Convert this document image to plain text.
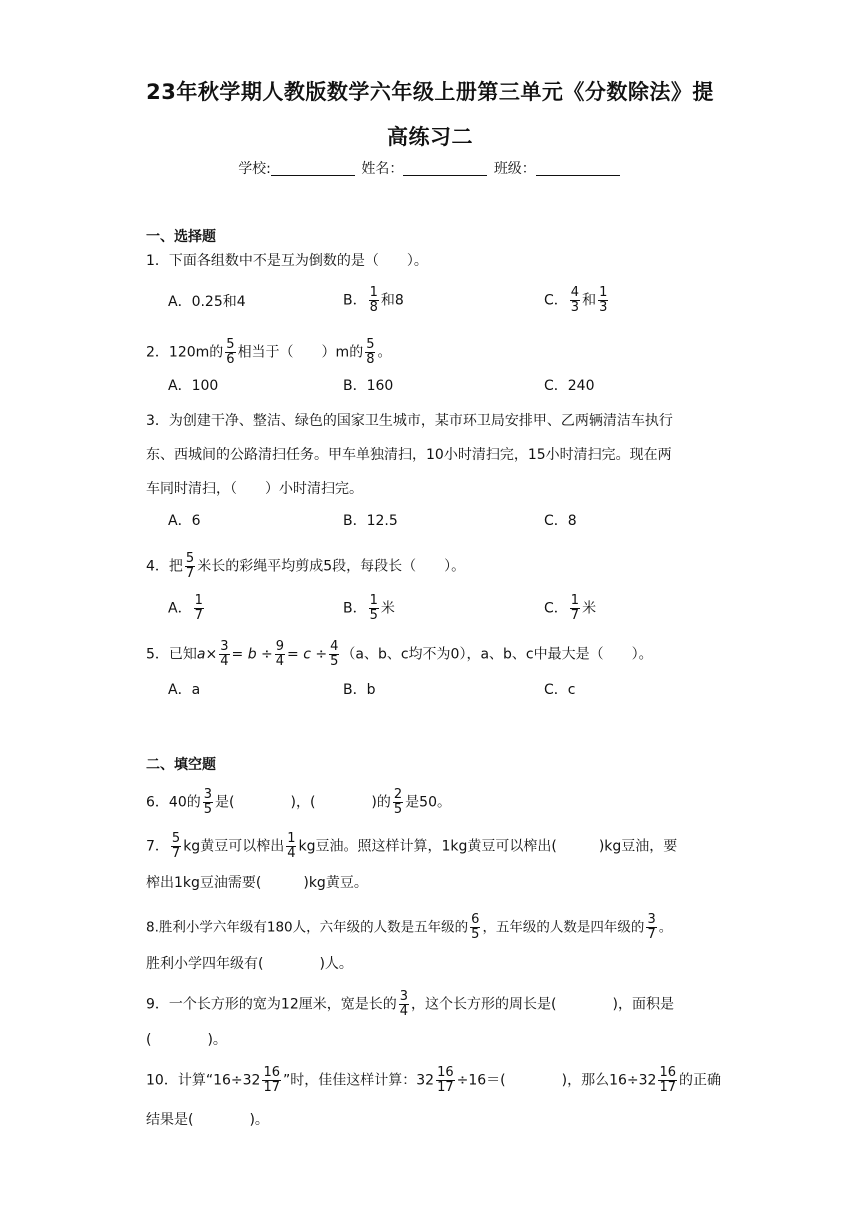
23年秋学期人教版数学六年级上册第三单元《分数除法》提
高练习二
学校:	姓名：	班级：
一、选择题
1．下面各组数中不是互为倒数的是（　　）。
A．0.25和4	B． $\frac{1}{8}$ 和8	C． $\frac{4}{3}$ 和 $\frac{1}{3}$
2．120m的 $\frac{5}{6}$ 相当于（　　）m的 $\frac{5}{8}$ 。
A．100	B．160	C．240
3．为创建干净、整洁、绿色的国家卫生城市，某市环卫局安排甲、乙两辆清洁车执行
东、西城间的公路清扫任务。甲车单独清扫，10小时清扫完，15小时清扫完。现在两
车同时清扫，（　　）小时清扫完。
A．6	B．12.5	C．8
4．把 $\frac{5}{7}$ 米长的彩绳平均剪成5段，每段长（　　）。
A． $\frac{1}{7}$	B． $\frac{1}{5}$ 米	C． $\frac{1}{7}$ 米
5．已知$a\times \frac{3}{4} = b \div \frac{9}{4} = c \div \frac{4}{5} (a$、b、c均不为0），a、b、c中最大是（　　）。
A．a	B．b	C．c
二、填空题
6．40的 $\frac{3}{5}$ 是(　　　　)，(　　　　)的 $\frac{2}{5}$ 是50。
7． $\frac{5}{7}$ kg黄豆可以榨出 $\frac{1}{4}$ kg豆油。照这样计算，1kg黄豆可以榨出(　　　)kg豆油，要
榨出1kg豆油需要(　　　)kg黄豆。
8.胜利小学六年级有180人，六年级的人数是五年级的 $\frac{6}{5}$ ，五年级的人数是四年级的 $\frac{3}{7}$ 。
胜利小学四年级有(　　　　)人。
9．一个长方形的宽为12厘米，宽是长的 $\frac{3}{4}$ ，这个长方形的周长是(　　　　)，面积是
(　　　　)。
10．计算“$16\div 32 \frac{16}{17}$ ”时，佳佳这样计算：$32 \frac{16}{17} \div 16=$(　　　　)，那么$16\div 32 \frac{16}{17}$ 的正确
结果是(　　　　)。
